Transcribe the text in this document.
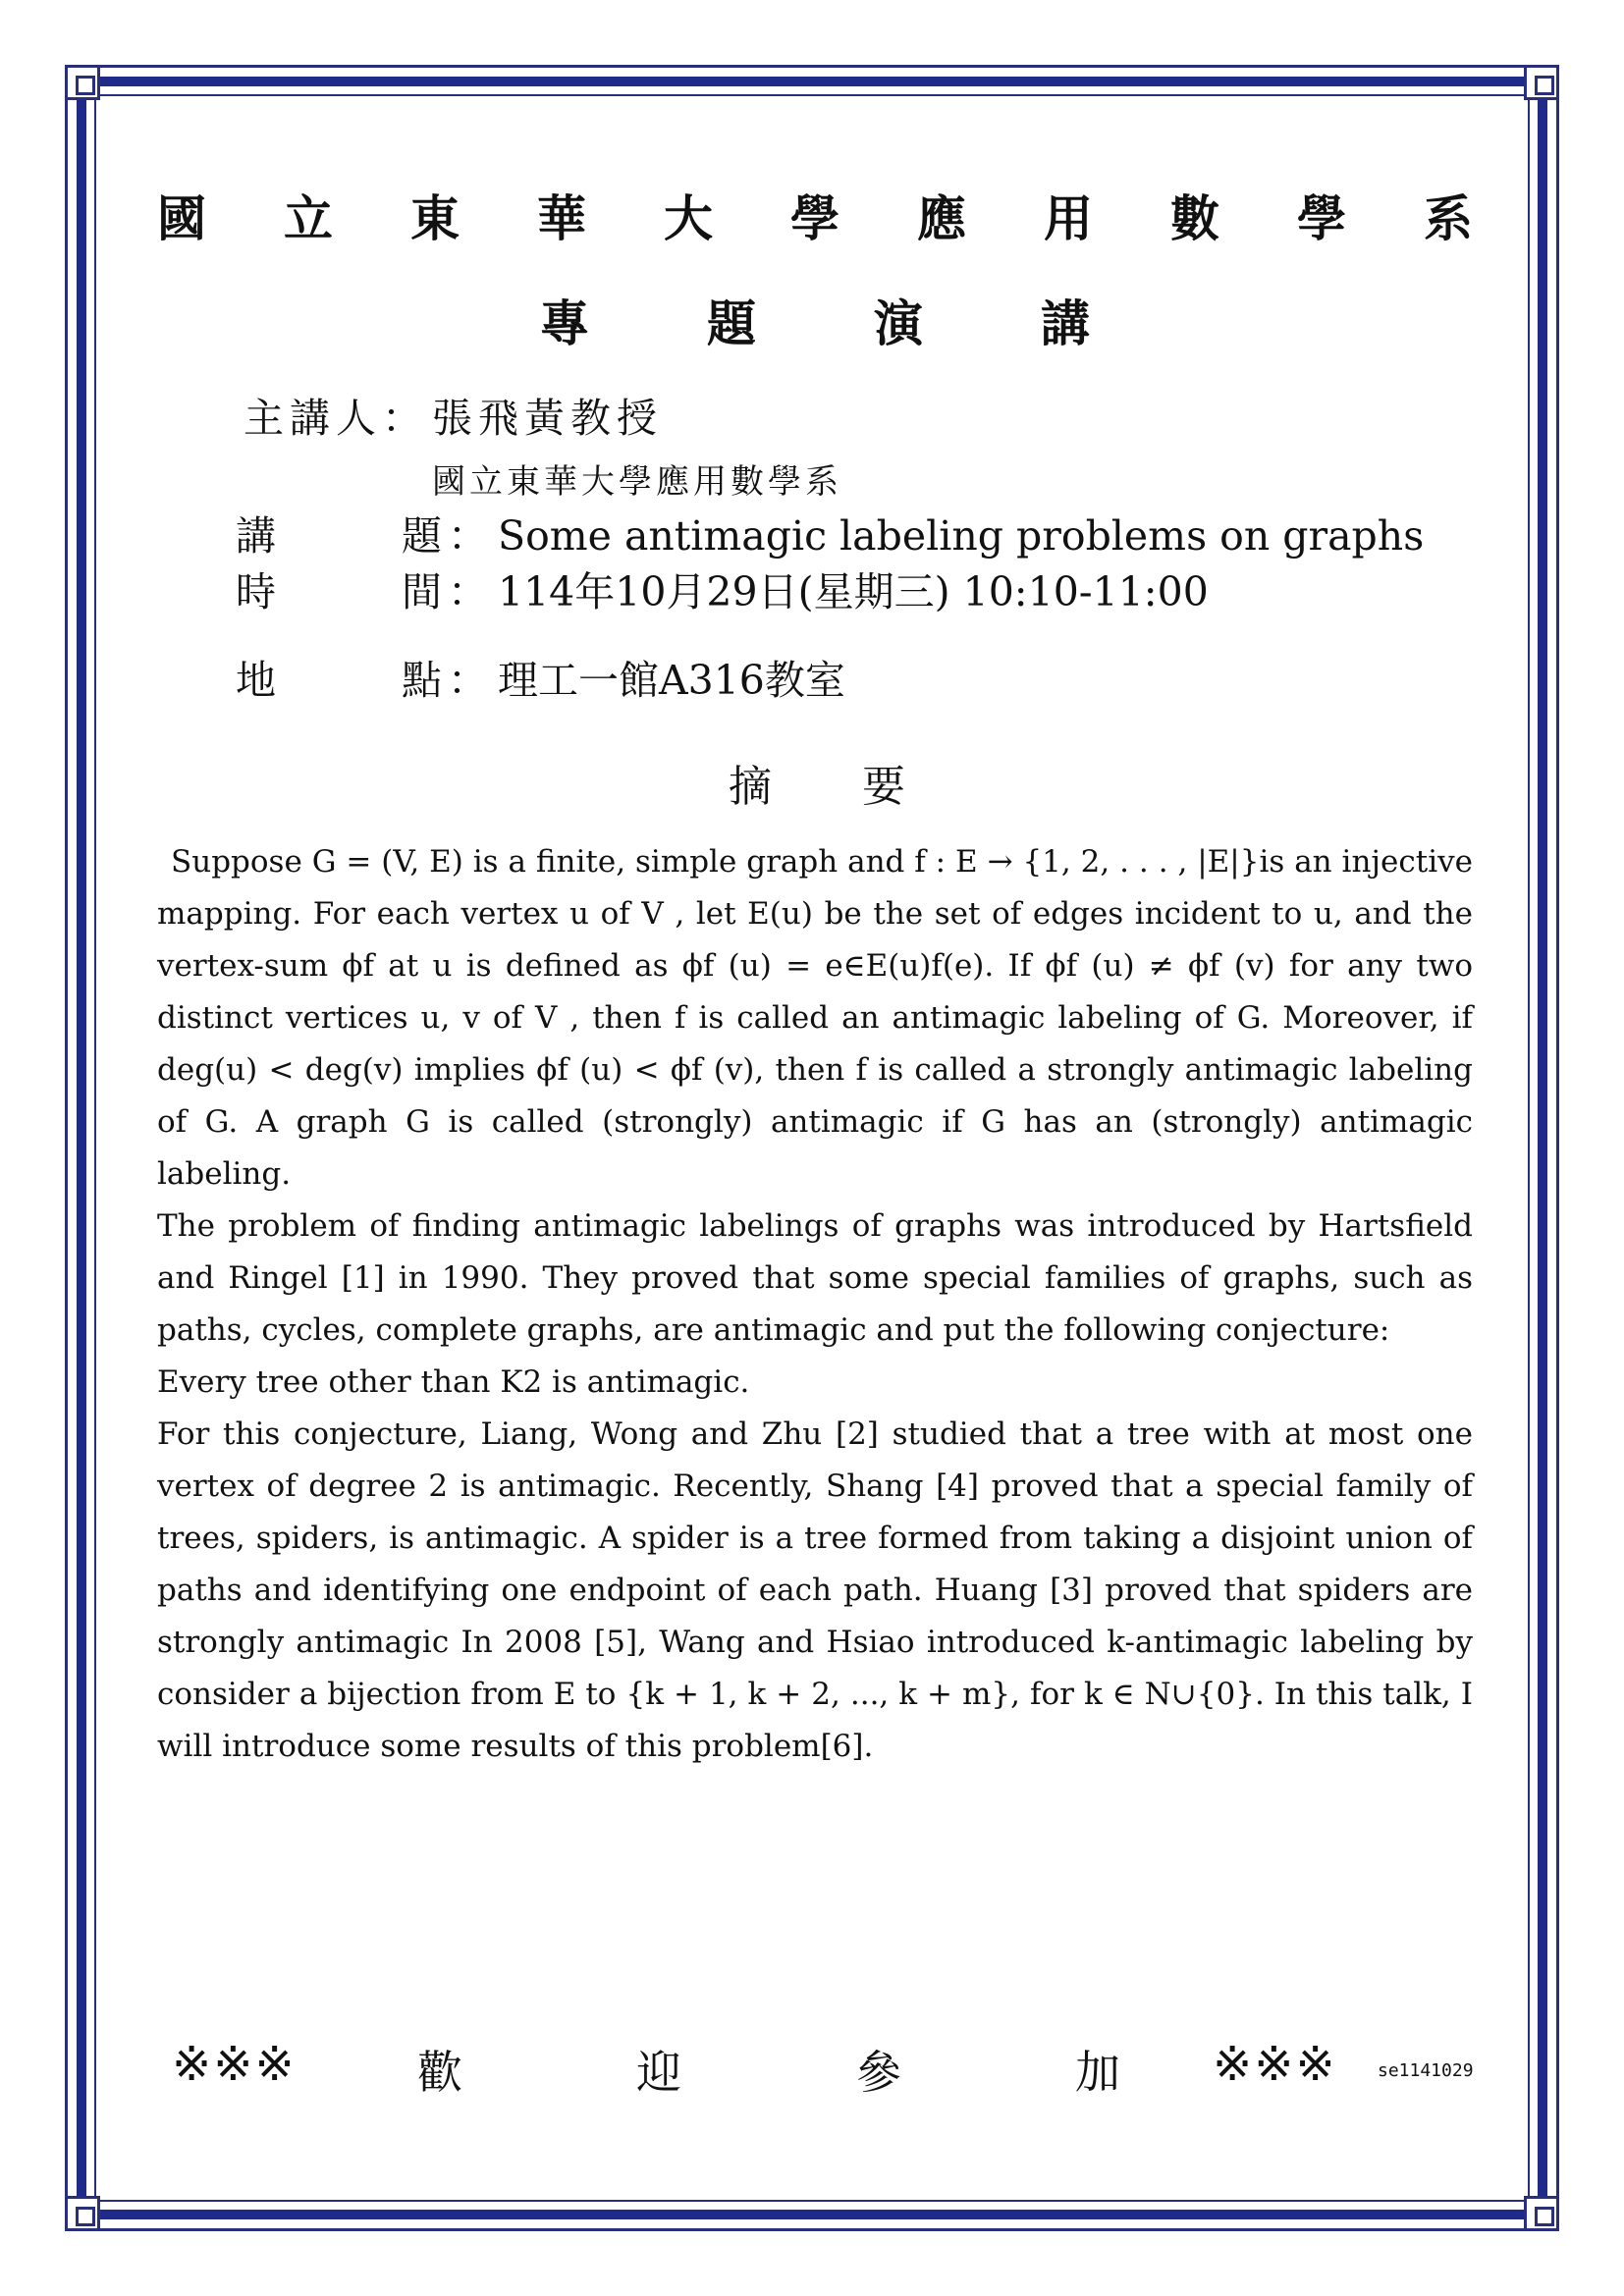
國 立 東 華 大 學 應 用 數 學 系
專 題 演 講
主講人 ： 張飛黃教授
國立東華大學應用數學系
講	題 ： Some antimagic labeling problems on graphs
時	間 ： 114年10月29日(星期三) 10:10-11:00
地	點 ： 理工一館A316教室
摘 要

Suppose G = (V, E) is a finite, simple graph and f : E → {1, 2, . . . , |E|}is an injective mapping. For each vertex u of V , let E(u) be the set of edges incident to u, and the vertex-sum ϕf at u is defined as ϕf (u) = e∈E(u)f(e). If ϕf (u) ≠ ϕf (v) for any two distinct vertices u, v of V , then f is called an antimagic labeling of G. Moreover, if deg(u) < deg(v) implies ϕf (u) < ϕf (v), then f is called a strongly antimagic labeling of G. A graph G is called (strongly) antimagic if G has an (strongly) antimagic labeling.

The problem of finding antimagic labelings of graphs was introduced by Hartsfield and Ringel [1] in 1990. They proved that some special families of graphs, such as paths, cycles, complete graphs, are antimagic and put the following conjecture:

Every tree other than K2 is antimagic.

For this conjecture, Liang, Wong and Zhu [2] studied that a tree with at most one vertex of degree 2 is antimagic. Recently, Shang [4] proved that a special family of trees, spiders, is antimagic. A spider is a tree formed from taking a disjoint union of paths and identifying one endpoint of each path. Huang [3] proved that spiders are strongly antimagic In 2008 [5], Wang and Hsiao introduced k-antimagic labeling by consider a bijection from E to {k + 1, k + 2, ..., k + m}, for k ∈ N∪{0}. In this talk, I will introduce some results of this problem[6].

※※※	歡	迎	參	加 ※※※ se1141029
